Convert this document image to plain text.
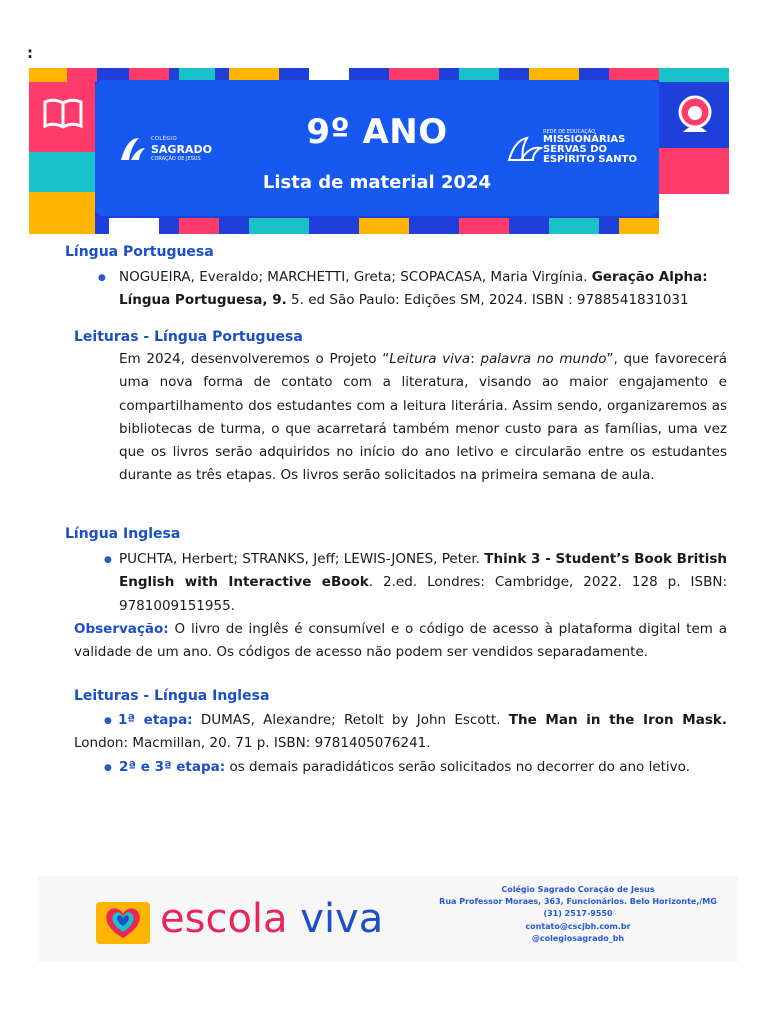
:
9º ANO
Lista de material 2024
COLÉGIO
SAGRADO
CORAÇÃO DE JESUS
REDE DE EDUCAÇÃO
MISSIONÁRIAS
SERVAS DO
ESPÍRITO SANTO
Língua Portuguesa
● NOGUEIRA, Everaldo; MARCHETTI, Greta; SCOPACASA, Maria Virgínia. Geração Alpha:
Língua Portuguesa, 9. 5. ed São Paulo: Edições SM, 2024. ISBN : 9788541831031
Leituras - Língua Portuguesa
Em 2024, desenvolveremos o Projeto “Leitura viva: palavra no mundo”, que favorecerá uma nova forma de contato com a literatura, visando ao maior engajamento e compartilhamento dos estudantes com a leitura literária. Assim sendo, organizaremos as bibliotecas de turma, o que acarretará também menor custo para as famílias, uma vez que os livros serão adquiridos no início do ano letivo e circularão entre os estudantes durante as três etapas. Os livros serão solicitados na primeira semana de aula.
Língua Inglesa
● PUCHTA, Herbert; STRANKS, Jeff; LEWIS-JONES, Peter. Think 3 - Student’s Book British English with Interactive eBook. 2.ed. Londres: Cambridge, 2022. 128 p. ISBN: 9781009151955.
Observação: O livro de inglês é consumível e o código de acesso à plataforma digital tem a validade de um ano. Os códigos de acesso não podem ser vendidos separadamente.
Leituras - Língua Inglesa
● 1ª etapa: DUMAS, Alexandre; Retolt by John Escott. The Man in the Iron Mask. London: Macmillan, 20. 71 p. ISBN: 9781405076241.
● 2ª e 3ª etapa: os demais paradidáticos serão solicitados no decorrer do ano letivo.
escola viva
Colégio Sagrado Coração de Jesus
Rua Professor Moraes, 363, Funcionários. Belo Horizonte,/MG
(31) 2517-9550
contato@cscjbh.com.br
@colegiosagrado_bh
